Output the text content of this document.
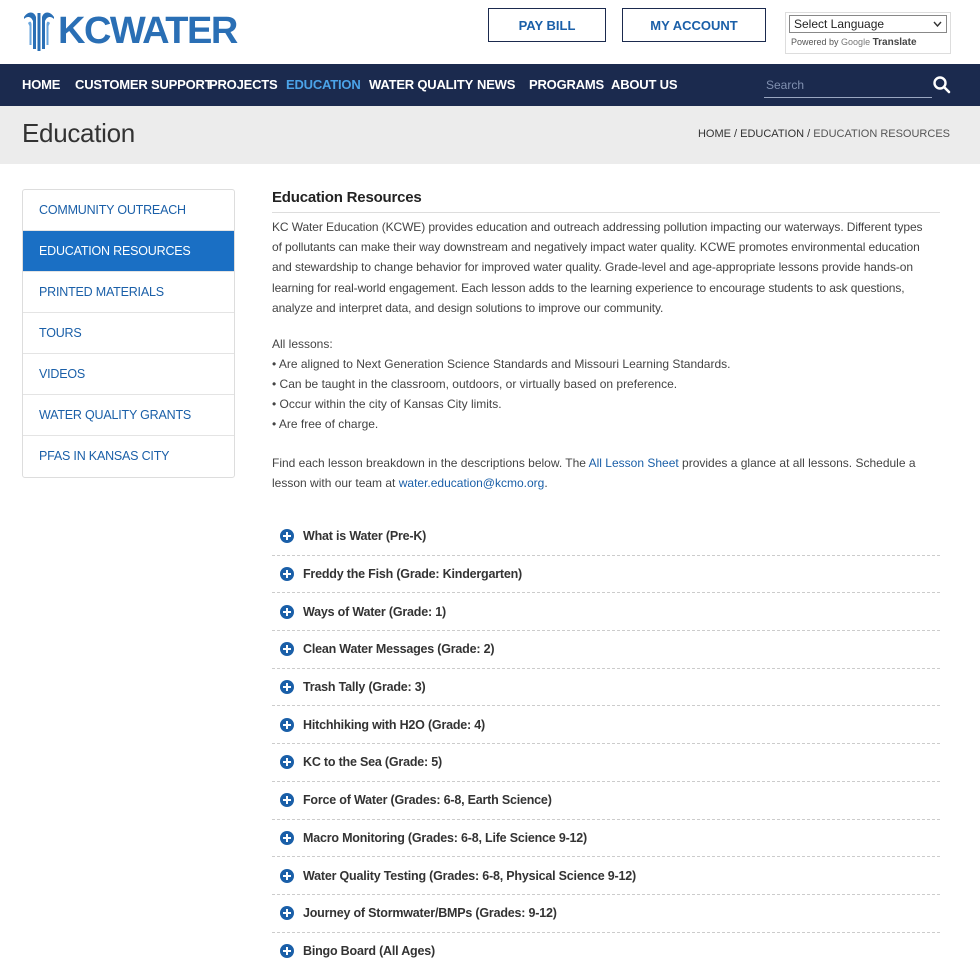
KCWATER	PAY BILL	MY ACCOUNT	Select Language
Powered by Google Translate
HOME CUSTOMER SUPPORT
PROJECTS EDUCATION WATER QUALITY NEWS PROGRAMS ABOUT US	Search
Education	HOME / EDUCATION / EDUCATION RESOURCES
COMMUNITY OUTREACH
EDUCATION RESOURCES
PRINTED MATERIALS
TOURS
VIDEOS
WATER QUALITY GRANTS
PFAS IN KANSAS CITY
Education Resources
KC Water Education (KCWE) provides education and outreach addressing pollution impacting our waterways. Different types
of pollutants can make their way downstream and negatively impact water quality. KCWE promotes environmental education
and stewardship to change behavior for improved water quality. Grade-level and age-appropriate lessons provide hands-on
learning for real-world engagement. Each lesson adds to the learning experience to encourage students to ask questions,
analyze and interpret data, and design solutions to improve our community.
All lessons:
• Are aligned to Next Generation Science Standards and Missouri Learning Standards.
• Can be taught in the classroom, outdoors, or virtually based on preference.
• Occur within the city of Kansas City limits.
• Are free of charge.
Find each lesson breakdown in the descriptions below. The All Lesson Sheet provides a glance at all lessons. Schedule a
lesson with our team at water.education@kcmo.org.
What is Water (Pre-K)
Freddy the Fish (Grade: Kindergarten)
Ways of Water (Grade: 1)
Clean Water Messages (Grade: 2)
Trash Tally (Grade: 3)
Hitchhiking with H2O (Grade: 4)
KC to the Sea (Grade: 5)
Force of Water (Grades: 6-8, Earth Science)
Macro Monitoring (Grades: 6-8, Life Science 9-12)
Water Quality Testing (Grades: 6-8, Physical Science 9-12)
Journey of Stormwater/BMPs (Grades: 9-12)
Bingo Board (All Ages)
